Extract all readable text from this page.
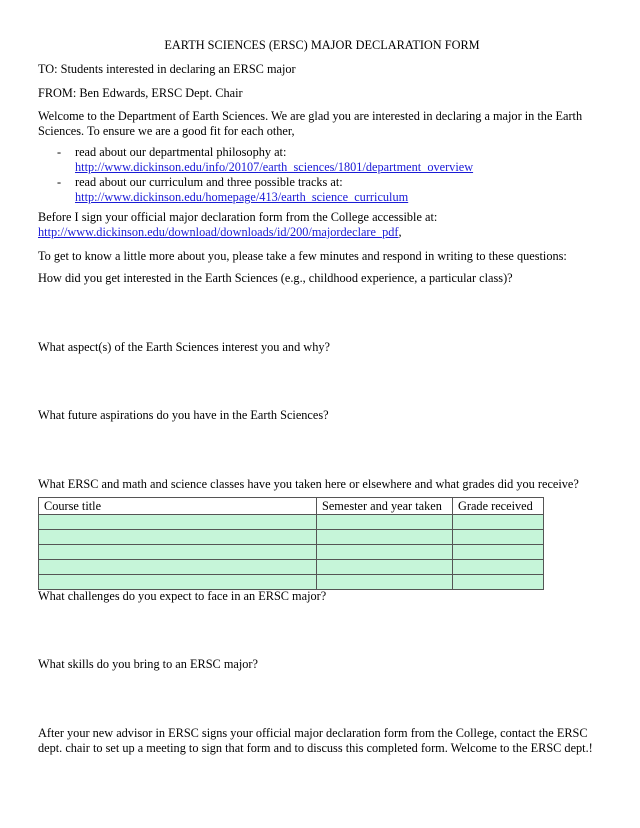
EARTH SCIENCES (ERSC) MAJOR DECLARATION FORM
TO: Students interested in declaring an ERSC major
FROM: Ben Edwards, ERSC Dept. Chair
Welcome to the Department of Earth Sciences. We are glad you are interested in declaring a major in the Earth Sciences. To ensure we are a good fit for each other,
- read about our departmental philosophy at:
http://www.dickinson.edu/info/20107/earth_sciences/1801/department_overview
- read about our curriculum and three possible tracks at:
http://www.dickinson.edu/homepage/413/earth_science_curriculum
Before I sign your official major declaration form from the College accessible at:
http://www.dickinson.edu/download/downloads/id/200/majordeclare_pdf,
To get to know a little more about you, please take a few minutes and respond in writing to these questions:
How did you get interested in the Earth Sciences (e.g., childhood experience, a particular class)?
What aspect(s) of the Earth Sciences interest you and why?
What future aspirations do you have in the Earth Sciences?
What ERSC and math and science classes have you taken here or elsewhere and what grades did you receive?
Course title	Semester and year taken	Grade received

What challenges do you expect to face in an ERSC major?
What skills do you bring to an ERSC major?
After your new advisor in ERSC signs your official major declaration form from the College, contact the ERSC dept. chair to set up a meeting to sign that form and to discuss this completed form. Welcome to the ERSC dept.!
